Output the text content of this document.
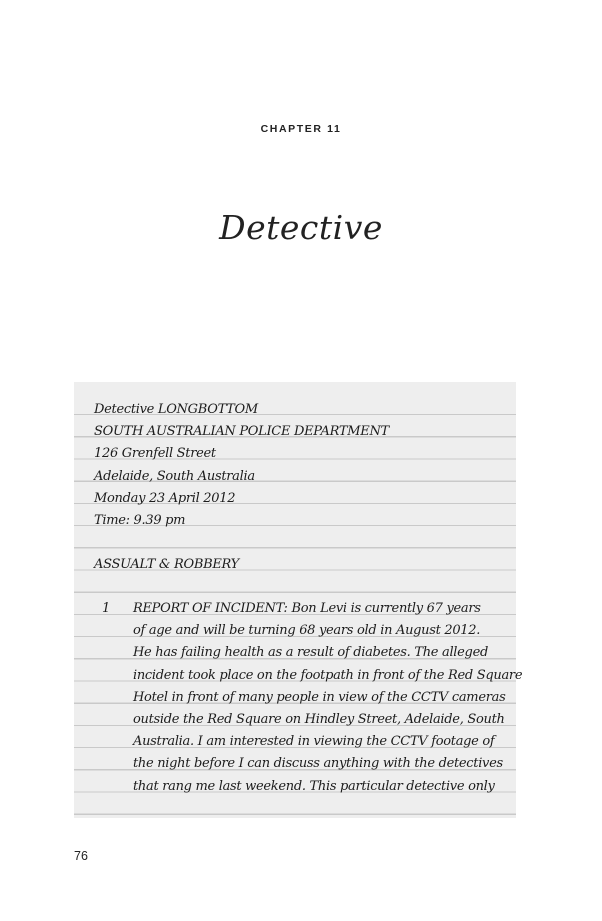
CHAPTER 11
Detective
Detective LONGBOTTOM
SOUTH AUSTRALIAN POLICE DEPARTMENT
126 Grenfell Street
Adelaide, South Australia
Monday 23 April 2012
Time: 9.39 pm
ASSUALT & ROBBERY
1 REPORT OF INCIDENT: Bon Levi is currently 67 years
of age and will be turning 68 years old in August 2012.
He has failing health as a result of diabetes. The alleged
incident took place on the footpath in front of the Red Square
Hotel in front of many people in view of the CCTV cameras
outside the Red Square on Hindley Street, Adelaide, South
Australia. I am interested in viewing the CCTV footage of
the night before I can discuss anything with the detectives
that rang me last weekend. This particular detective only
76
